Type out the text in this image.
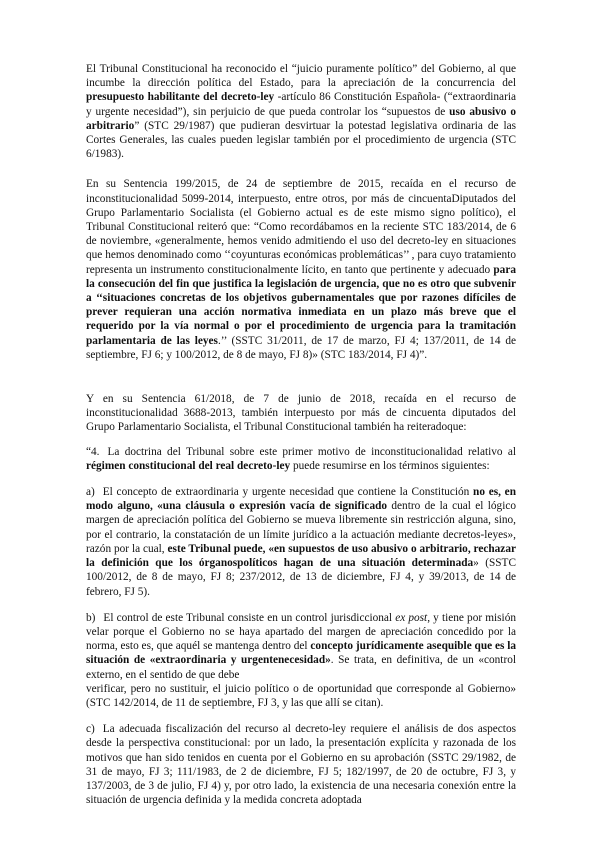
El Tribunal Constitucional ha reconocido el “juicio puramente político” del Gobierno, al que incumbe la dirección política del Estado, para la apreciación de la concurrencia del presupuesto habilitante del decreto-ley -artículo 86 Constitución Española- (“extraordinaria y urgente necesidad”), sin perjuicio de que pueda controlar los “supuestos de uso abusivo o arbitrario” (STC 29/1987) que pudieran desvirtuar la potestad legislativa ordinaria de las Cortes Generales, las cuales pueden legislar también por el procedimiento de urgencia (STC 6/1983).

En su Sentencia 199/2015, de 24 de septiembre de 2015, recaída en el recurso de inconstitucionalidad 5099-2014, interpuesto, entre otros, por más de cincuentaDiputados del Grupo Parlamentario Socialista (el Gobierno actual es de este mismo signo político), el Tribunal Constitucional reiteró que: “Como recordábamos en la reciente STC 183/2014, de 6 de noviembre, «generalmente, hemos venido admitiendo el uso del decreto-ley en situaciones que hemos denominado como ‘‘coyunturas económicas problemáticas’’ , para cuyo tratamiento representa un instrumento constitucionalmente lícito, en tanto que pertinente y adecuado para la consecución del fin que justifica la legislación de urgencia, que no es otro que subvenir a ‘‘situaciones concretas de los objetivos gubernamentales que por razones difíciles de prever requieran una acción normativa inmediata en un plazo más breve que el requerido por la vía normal o por el procedimiento de urgencia para la tramitación parlamentaria de las leyes.’’ (SSTC 31/2011, de 17 de marzo, FJ 4; 137/2011, de 14 de septiembre, FJ 6; y 100/2012, de 8 de mayo, FJ 8)» (STC 183/2014, FJ 4)”.

Y en su Sentencia 61/2018, de 7 de junio de 2018, recaída en el recurso de inconstitucionalidad 3688-2013, también interpuesto por más de cincuenta diputados del Grupo Parlamentario Socialista, el Tribunal Constitucional también ha reiteradoque:

“4. La doctrina del Tribunal sobre este primer motivo de inconstitucionalidad relativo al régimen constitucional del real decreto-ley puede resumirse en los términos siguientes:

a) El concepto de extraordinaria y urgente necesidad que contiene la Constitución no es, en modo alguno, «una cláusula o expresión vacía de significado dentro de la cual el lógico margen de apreciación política del Gobierno se mueva libremente sin restricción alguna, sino, por el contrario, la constatación de un límite jurídico a la actuación mediante decretos-leyes», razón por la cual, este Tribunal puede, «en supuestos de uso abusivo o arbitrario, rechazar la definición que los órganospolíticos hagan de una situación determinada» (SSTC 100/2012, de 8 de mayo, FJ 8; 237/2012, de 13 de diciembre, FJ 4, y 39/2013, de 14 de febrero, FJ 5).

b) El control de este Tribunal consiste en un control jurisdiccional ex post, y tiene por misión velar porque el Gobierno no se haya apartado del margen de apreciación concedido por la norma, esto es, que aquél se mantenga dentro del concepto jurídicamente asequible que es la situación de «extraordinaria y urgentenecesidad». Se trata, en definitiva, de un «control externo, en el sentido de que debe

verificar, pero no sustituir, el juicio político o de oportunidad que corresponde al Gobierno» (STC 142/2014, de 11 de septiembre, FJ 3, y las que allí se citan).

c) La adecuada fiscalización del recurso al decreto-ley requiere el análisis de dos aspectos desde la perspectiva constitucional: por un lado, la presentación explícita y razonada de los motivos que han sido tenidos en cuenta por el Gobierno en su aprobación (SSTC 29/1982, de 31 de mayo, FJ 3; 111/1983, de 2 de diciembre, FJ 5; 182/1997, de 20 de octubre, FJ 3, y 137/2003, de 3 de julio, FJ 4) y, por otro lado, la existencia de una necesaria conexión entre la situación de urgencia definida y la medida concreta adoptada
